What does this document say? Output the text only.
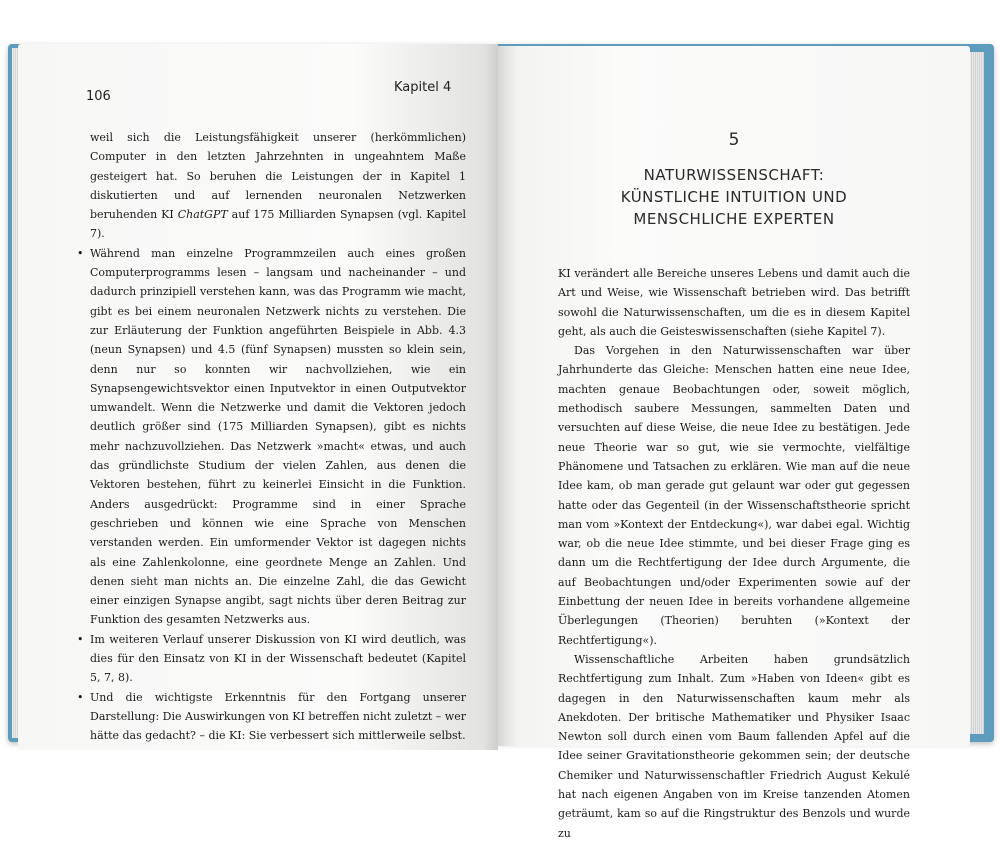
106
Kapitel 4

weil sich die Leistungsfähigkeit unserer (herkömmlichen) Computer in den letzten Jahrzehnten in ungeahntem Maße gesteigert hat. So beruhen die Leistungen der in Kapitel 1 diskutierten und auf lernenden neuronalen Netzwerken beruhenden KI ChatGPT auf 175 Milliarden Synapsen (vgl. Kapitel 7).

• Während man einzelne Programmzeilen auch eines großen Computerprogramms lesen – langsam und nacheinander – und dadurch prinzipiell verstehen kann, was das Programm wie macht, gibt es bei einem neuronalen Netzwerk nichts zu verstehen. Die zur Erläuterung der Funktion angeführten Beispiele in Abb. 4.3 (neun Synapsen) und 4.5 (fünf Synapsen) mussten so klein sein, denn nur so konnten wir nachvollziehen, wie ein Synapsengewichtsvektor einen Inputvektor in einen Outputvektor umwandelt. Wenn die Netzwerke und damit die Vektoren jedoch deutlich größer sind (175 Milliarden Synapsen), gibt es nichts mehr nachzuvollziehen. Das Netzwerk »macht« etwas, und auch das gründlichste Studium der vielen Zahlen, aus denen die Vektoren bestehen, führt zu keinerlei Einsicht in die Funktion. Anders ausgedrückt: Programme sind in einer Sprache geschrieben und können wie eine Sprache von Menschen verstanden werden. Ein umformender Vektor ist dagegen nichts als eine Zahlenkolonne, eine geordnete Menge an Zahlen. Und denen sieht man nichts an. Die einzelne Zahl, die das Gewicht einer einzigen Synapse angibt, sagt nichts über deren Beitrag zur Funktion des gesamten Netzwerks aus.
• Im weiteren Verlauf unserer Diskussion von KI wird deutlich, was dies für den Einsatz von KI in der Wissenschaft bedeutet (Kapitel 5, 7, 8).
• Und die wichtigste Erkenntnis für den Fortgang unserer Darstellung: Die Auswirkungen von KI betreffen nicht zuletzt – wer hätte das gedacht? – die KI: Sie verbessert sich mittlerweile selbst.
5
NATURWISSENSCHAFT:
KÜNSTLICHE INTUITION UND
MENSCHLICHE EXPERTEN

KI verändert alle Bereiche unseres Lebens und damit auch die Art und Weise, wie Wissenschaft betrieben wird. Das betrifft sowohl die Naturwissenschaften, um die es in diesem Kapitel geht, als auch die Geisteswissenschaften (siehe Kapitel 7).

Das Vorgehen in den Naturwissenschaften war über Jahrhunderte das Gleiche: Menschen hatten eine neue Idee, machten genaue Beobachtungen oder, soweit möglich, methodisch saubere Messungen, sammelten Daten und versuchten auf diese Weise, die neue Idee zu bestätigen. Jede neue Theorie war so gut, wie sie vermochte, vielfältige Phänomene und Tatsachen zu erklären. Wie man auf die neue Idee kam, ob man gerade gut gelaunt war oder gut gegessen hatte oder das Gegenteil (in der Wissenschaftstheorie spricht man vom »Kontext der Entdeckung«), war dabei egal. Wichtig war, ob die neue Idee stimmte, und bei dieser Frage ging es dann um die Rechtfertigung der Idee durch Argumente, die auf Beobachtungen und/oder Experimenten sowie auf der Einbettung der neuen Idee in bereits vorhandene allgemeine Überlegungen (Theorien) beruhten (»Kontext der Rechtfertigung«).

Wissenschaftliche Arbeiten haben grundsätzlich Rechtfertigung zum Inhalt. Zum »Haben von Ideen« gibt es dagegen in den Naturwissenschaften kaum mehr als Anekdoten. Der britische Mathematiker und Physiker Isaac Newton soll durch einen vom Baum fallenden Apfel auf die Idee seiner Gravitationstheorie gekommen sein; der deutsche Chemiker und Naturwissenschaftler Friedrich August Kekulé hat nach eigenen Angaben von im Kreise tanzenden Atomen geträumt, kam so auf die Ringstruktur des Benzols und wurde zu
